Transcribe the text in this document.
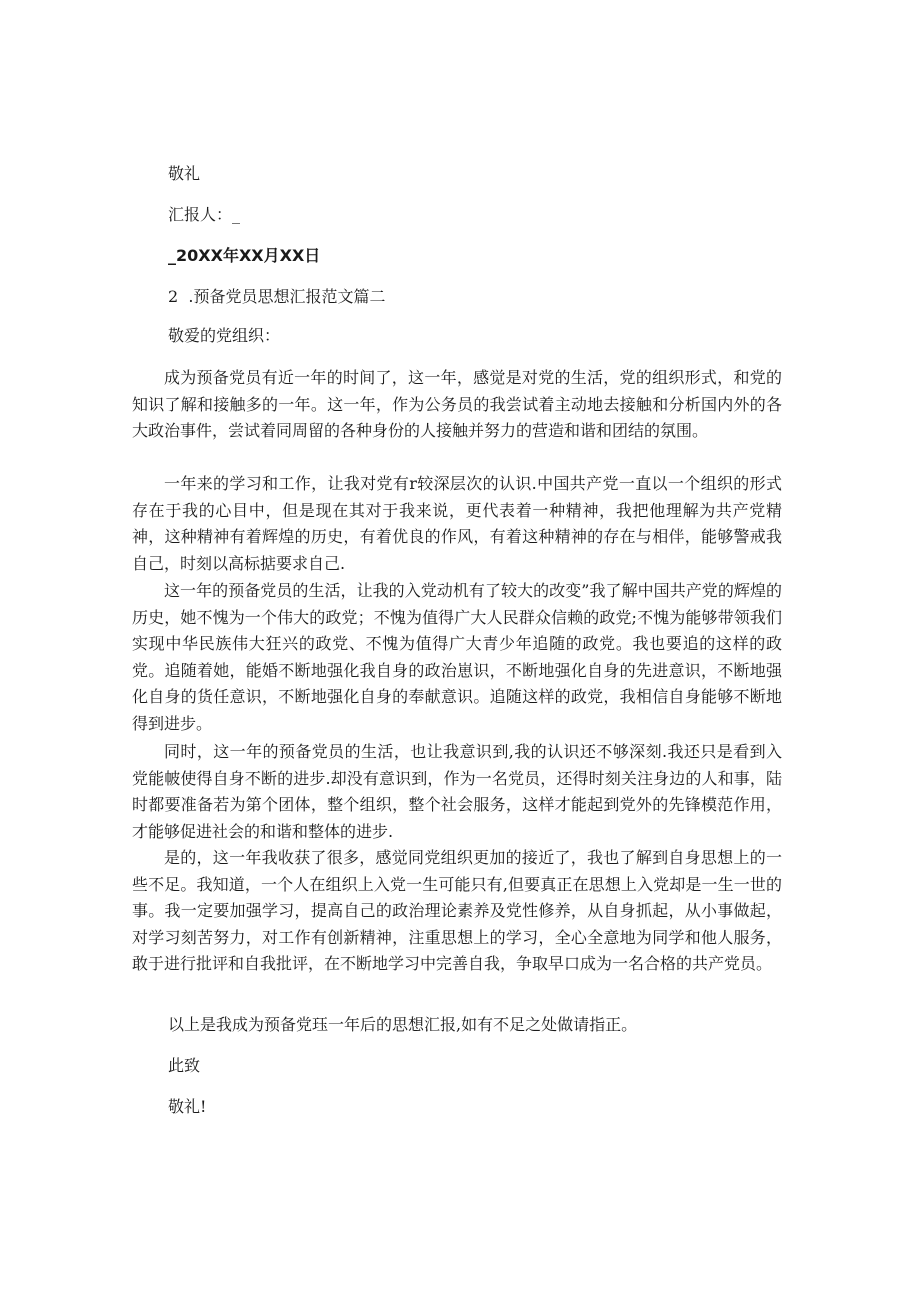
敬礼
汇报人：_
_20XX年XX月XX日
2  .预备党员思想汇报范文篇二
敬爱的党组织：

成为预备党员有近一年的时间了，这一年，感觉是对党的生活，党的组织形式，和党的知识了解和接触多的一年。这一年，作为公务员的我尝试着主动地去接触和分析国内外的各大政治事件，尝试着同周留的各种身份的人接触并努力的营造和谐和团结的氛围。

一年来的学习和工作，让我对党有r较深层次的认识.中国共产党一直以一个组织的形式存在于我的心目中，但是现在其对于我来说，更代表着一种精神，我把他理解为共产党精神，这种精神有着辉煌的历史，有着优良的作风，有着这种精神的存在与相伴，能够警戒我自己，时刻以高标掂要求自己.

这一年的预备党员的生活，让我的入党动机有了较大的改变”我了解中国共产党的辉煌的历史，她不愧为一个伟大的政党；不愧为值得广大人民群众信赖的政党;不愧为能够带领我们实现中华民族伟大狂兴的政党、不愧为值得广大青少年追随的政党。我也要追的这样的政党。追随着她，能婚不断地强化我自身的政治崽识，不断地强化自身的先进意识，不断地强化自身的货任意识，不断地强化自身的奉献意识。追随这样的政党，我相信自身能够不断地得到进步。

同时，这一年的预备党员的生活，也让我意识到,我的认识还不够深刻.我还只是看到入党能帔使得自身不断的进步.却没有意识到，作为一名党员，还得时刻关注身边的人和事，陆时都要准备若为第个团体，整个组织，整个社会服务，这样才能起到党外的先锋模范作用，才能够促进社会的和谐和整体的进步.

是的，这一年我收获了很多，感觉同党组织更加的接近了，我也了解到自身思想上的一些不足。我知道，一个人在组织上入党一生可能只有,但要真正在思想上入党却是一生一世的事。我一定要加强学习，提高自己的政治理论素养及党性修养，从自身抓起，从小事做起，对学习刻苦努力，对工作有创新精神，注重思想上的学习，全心全意地为同学和他人服务，敢于进行批评和自我批评，在不断地学习中完善自我，争取早口成为一名合格的共产党员。

以上是我成为预备党珏一年后的思想汇报,如有不足之处做请指正。
此致
敬礼!
